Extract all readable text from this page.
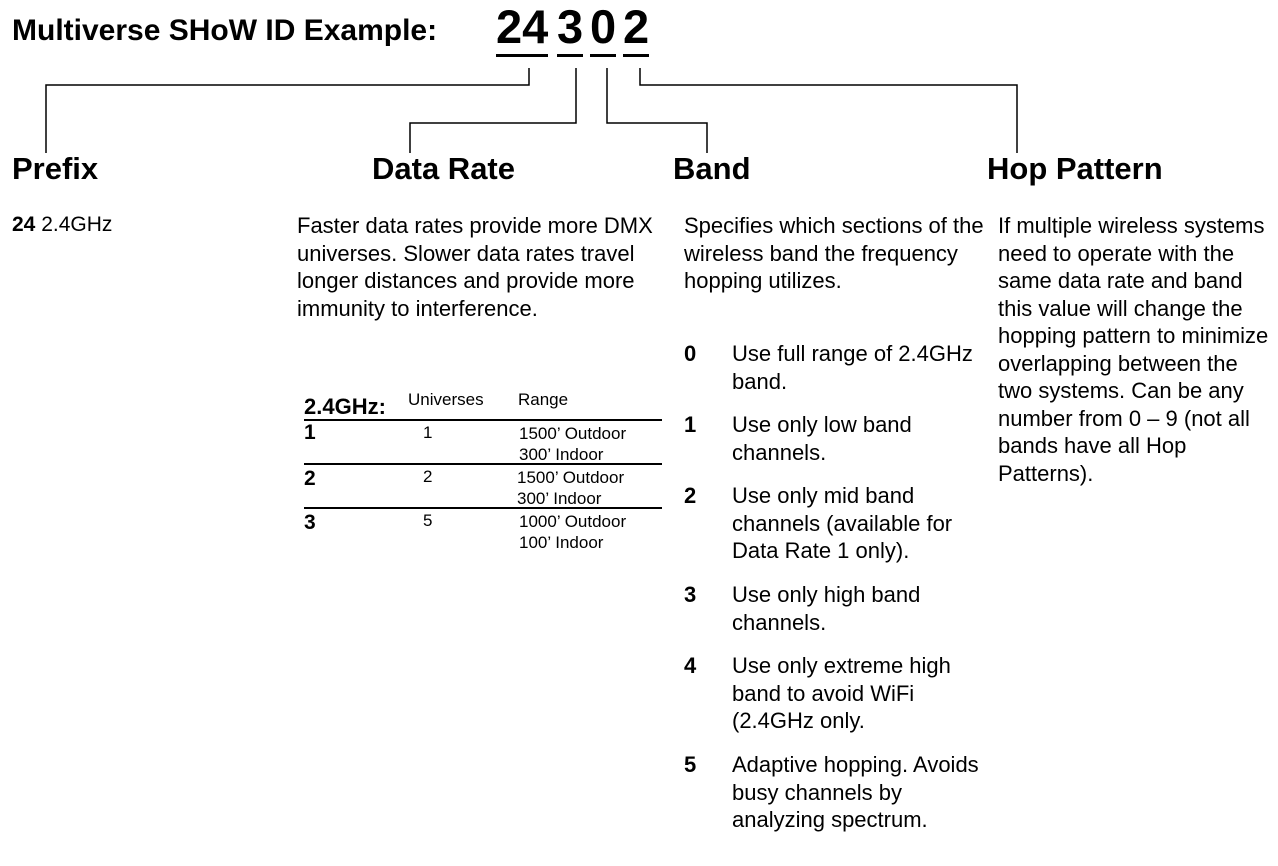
Multiverse SHoW ID Example: 24 3 0 2
Prefix	Data Rate	Band	Hop Pattern
24 2.4GHz	Faster data rates provide more DMX universes. Slower data rates travel longer distances and provide more immunity to interference.
2.4GHz: Universes Range
1	1	1500’ Outdoor
300’ Indoor
2	2	1500’ Outdoor
300’ Indoor
3	5	1000’ Outdoor
100’ Indoor
Specifies which sections of the wireless band the frequency hopping utilizes.
0 Use full range of 2.4GHz band.
1 Use only low band channels.
2 Use only mid band channels (available for Data Rate 1 only).
3 Use only high band channels.
4 Use only extreme high band to avoid WiFi (2.4GHz only.
5 Adaptive hopping. Avoids busy channels by analyzing spectrum.
If multiple wireless systems need to operate with the same data rate and band this value will change the hopping pattern to minimize overlapping between the two systems. Can be any number from 0 – 9 (not all bands have all Hop Patterns).
